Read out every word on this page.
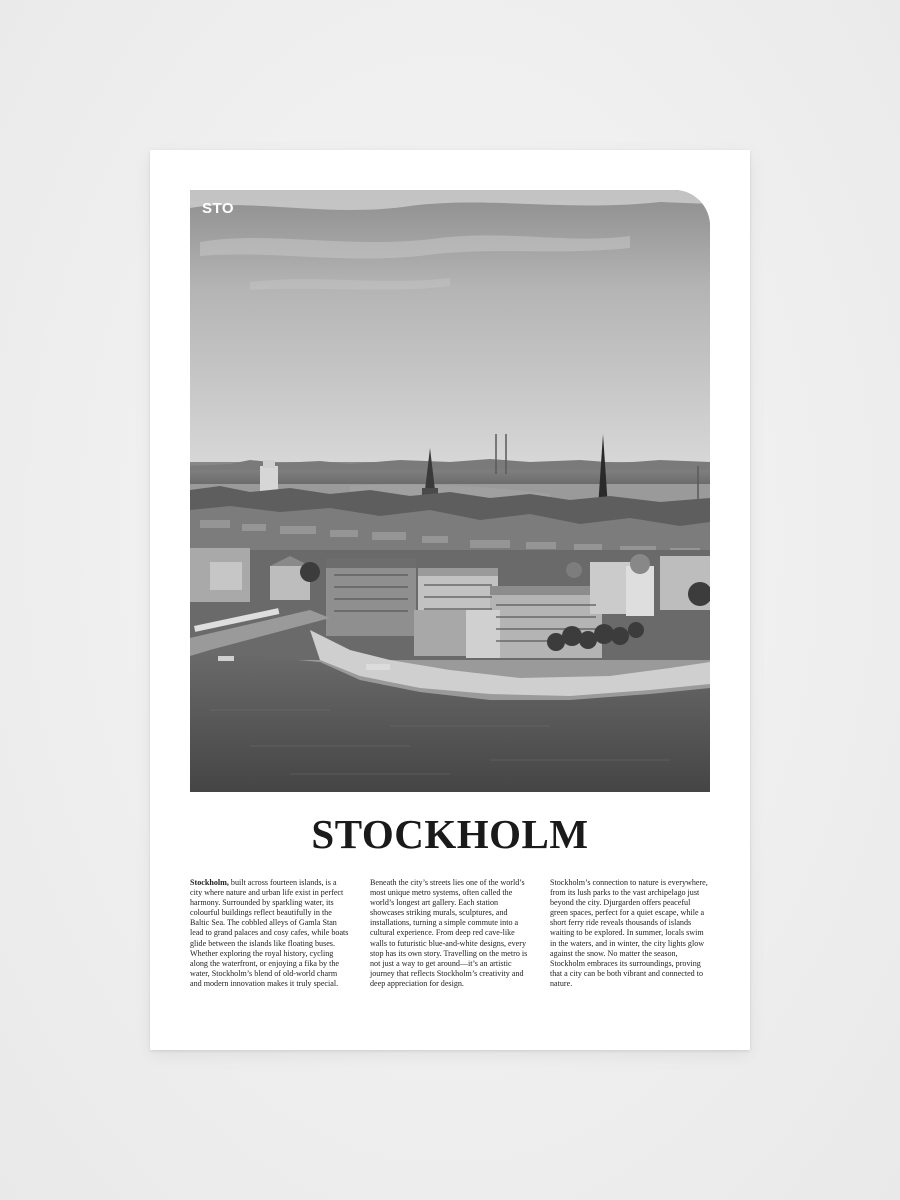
STO
STOCKHOLM

Stockholm, built across fourteen islands, is a city where nature and urban life exist in perfect harmony. Surrounded by sparkling water, its colourful buildings reflect beautifully in the Baltic Sea. The cobbled alleys of Gamla Stan lead to grand palaces and cosy cafes, while boats glide between the islands like floating buses. Whether exploring the royal history, cycling along the waterfront, or enjoying a fika by the water, Stockholm’s blend of old-world charm and modern innovation makes it truly special.

Beneath the city’s streets lies one of the world’s most unique metro systems, often called the world’s longest art gallery. Each station showcases striking murals, sculptures, and installations, turning a simple commute into a cultural experience. From deep red cave-like walls to futuristic blue-and-white designs, every stop has its own story. Travelling on the metro is not just a way to get around—it’s an artistic journey that reflects Stockholm’s creativity and deep appreciation for design.

Stockholm’s connection to nature is everywhere, from its lush parks to the vast archipelago just beyond the city. Djurgarden offers peaceful green spaces, perfect for a quiet escape, while a short ferry ride reveals thousands of islands waiting to be explored. In summer, locals swim in the waters, and in winter, the city lights glow against the snow. No matter the season, Stockholm embraces its surroundings, proving that a city can be both vibrant and connected to nature.
